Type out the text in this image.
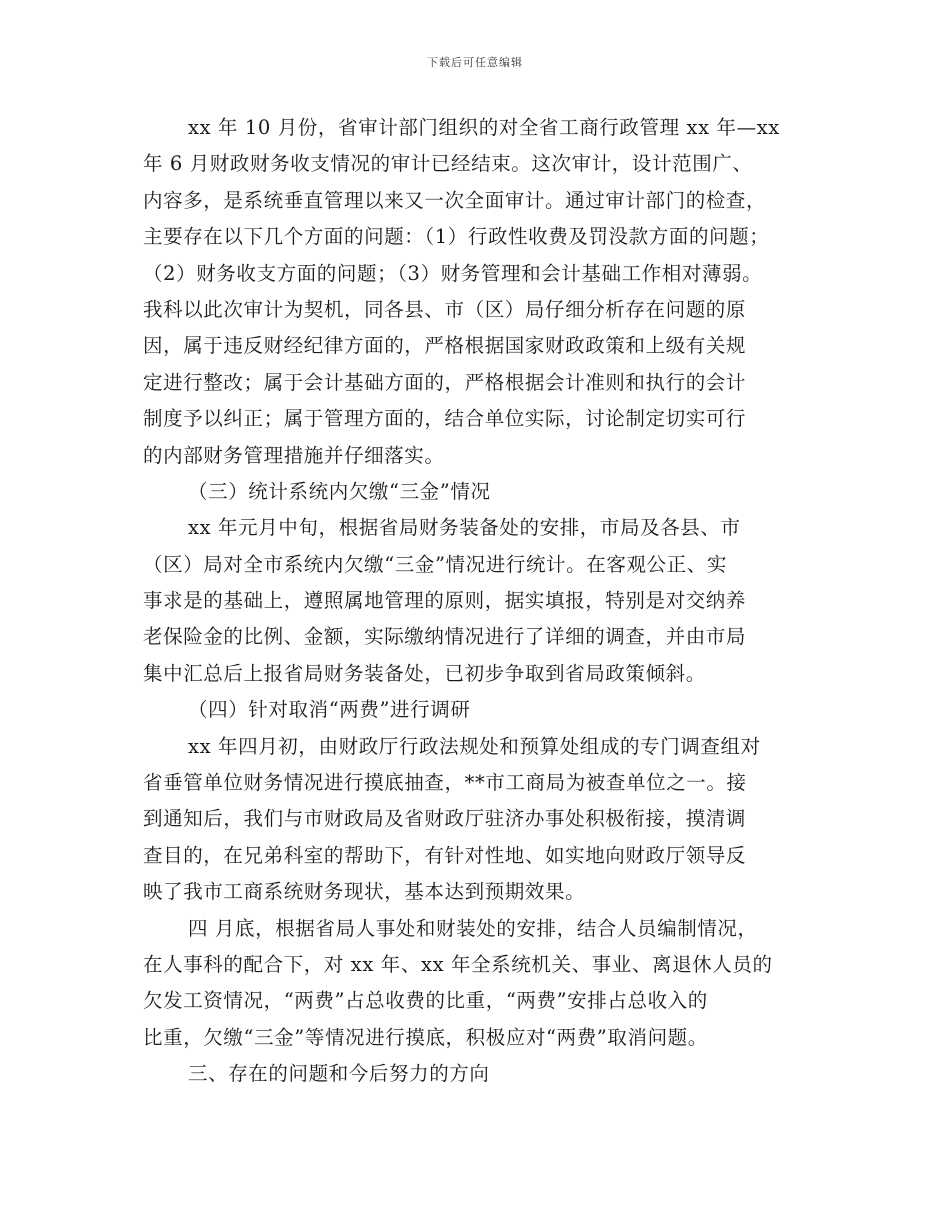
下载后可任意编辑
xx 年 10 月份，省审计部门组织的对全省工商行政管理 xx 年—xx
年 6 月财政财务收支情况的审计已经结束。这次审计，设计范围广、
内容多，是系统垂直管理以来又一次全面审计。通过审计部门的检查，
主要存在以下几个方面的问题：（1）行政性收费及罚没款方面的问题；
（2）财务收支方面的问题；（3）财务管理和会计基础工作相对薄弱。
我科以此次审计为契机，同各县、市（区）局仔细分析存在问题的原
因，属于违反财经纪律方面的，严格根据国家财政政策和上级有关规
定进行整改；属于会计基础方面的，严格根据会计准则和执行的会计
制度予以纠正；属于管理方面的，结合单位实际，讨论制定切实可行
的内部财务管理措施并仔细落实。
（三）统计系统内欠缴“三金”情况
xx 年元月中旬，根据省局财务装备处的安排，市局及各县、市
（区）局对全市系统内欠缴“三金”情况进行统计。在客观公正、实
事求是的基础上，遵照属地管理的原则，据实填报，特别是对交纳养
老保险金的比例、金额，实际缴纳情况进行了详细的调查，并由市局
集中汇总后上报省局财务装备处，已初步争取到省局政策倾斜。
（四）针对取消“两费”进行调研
xx 年四月初，由财政厅行政法规处和预算处组成的专门调查组对
省垂管单位财务情况进行摸底抽查，**市工商局为被查单位之一。接
到通知后，我们与市财政局及省财政厅驻济办事处积极衔接，摸清调
查目的，在兄弟科室的帮助下，有针对性地、如实地向财政厅领导反
映了我市工商系统财务现状，基本达到预期效果。
四 月底，根据省局人事处和财装处的安排，结合人员编制情况，
在人事科的配合下，对 xx 年、xx 年全系统机关、事业、离退休人员的
欠发工资情况，“两费”占总收费的比重，“两费”安排占总收入的
比重，欠缴“三金”等情况进行摸底，积极应对“两费”取消问题。
三、存在的问题和今后努力的方向
